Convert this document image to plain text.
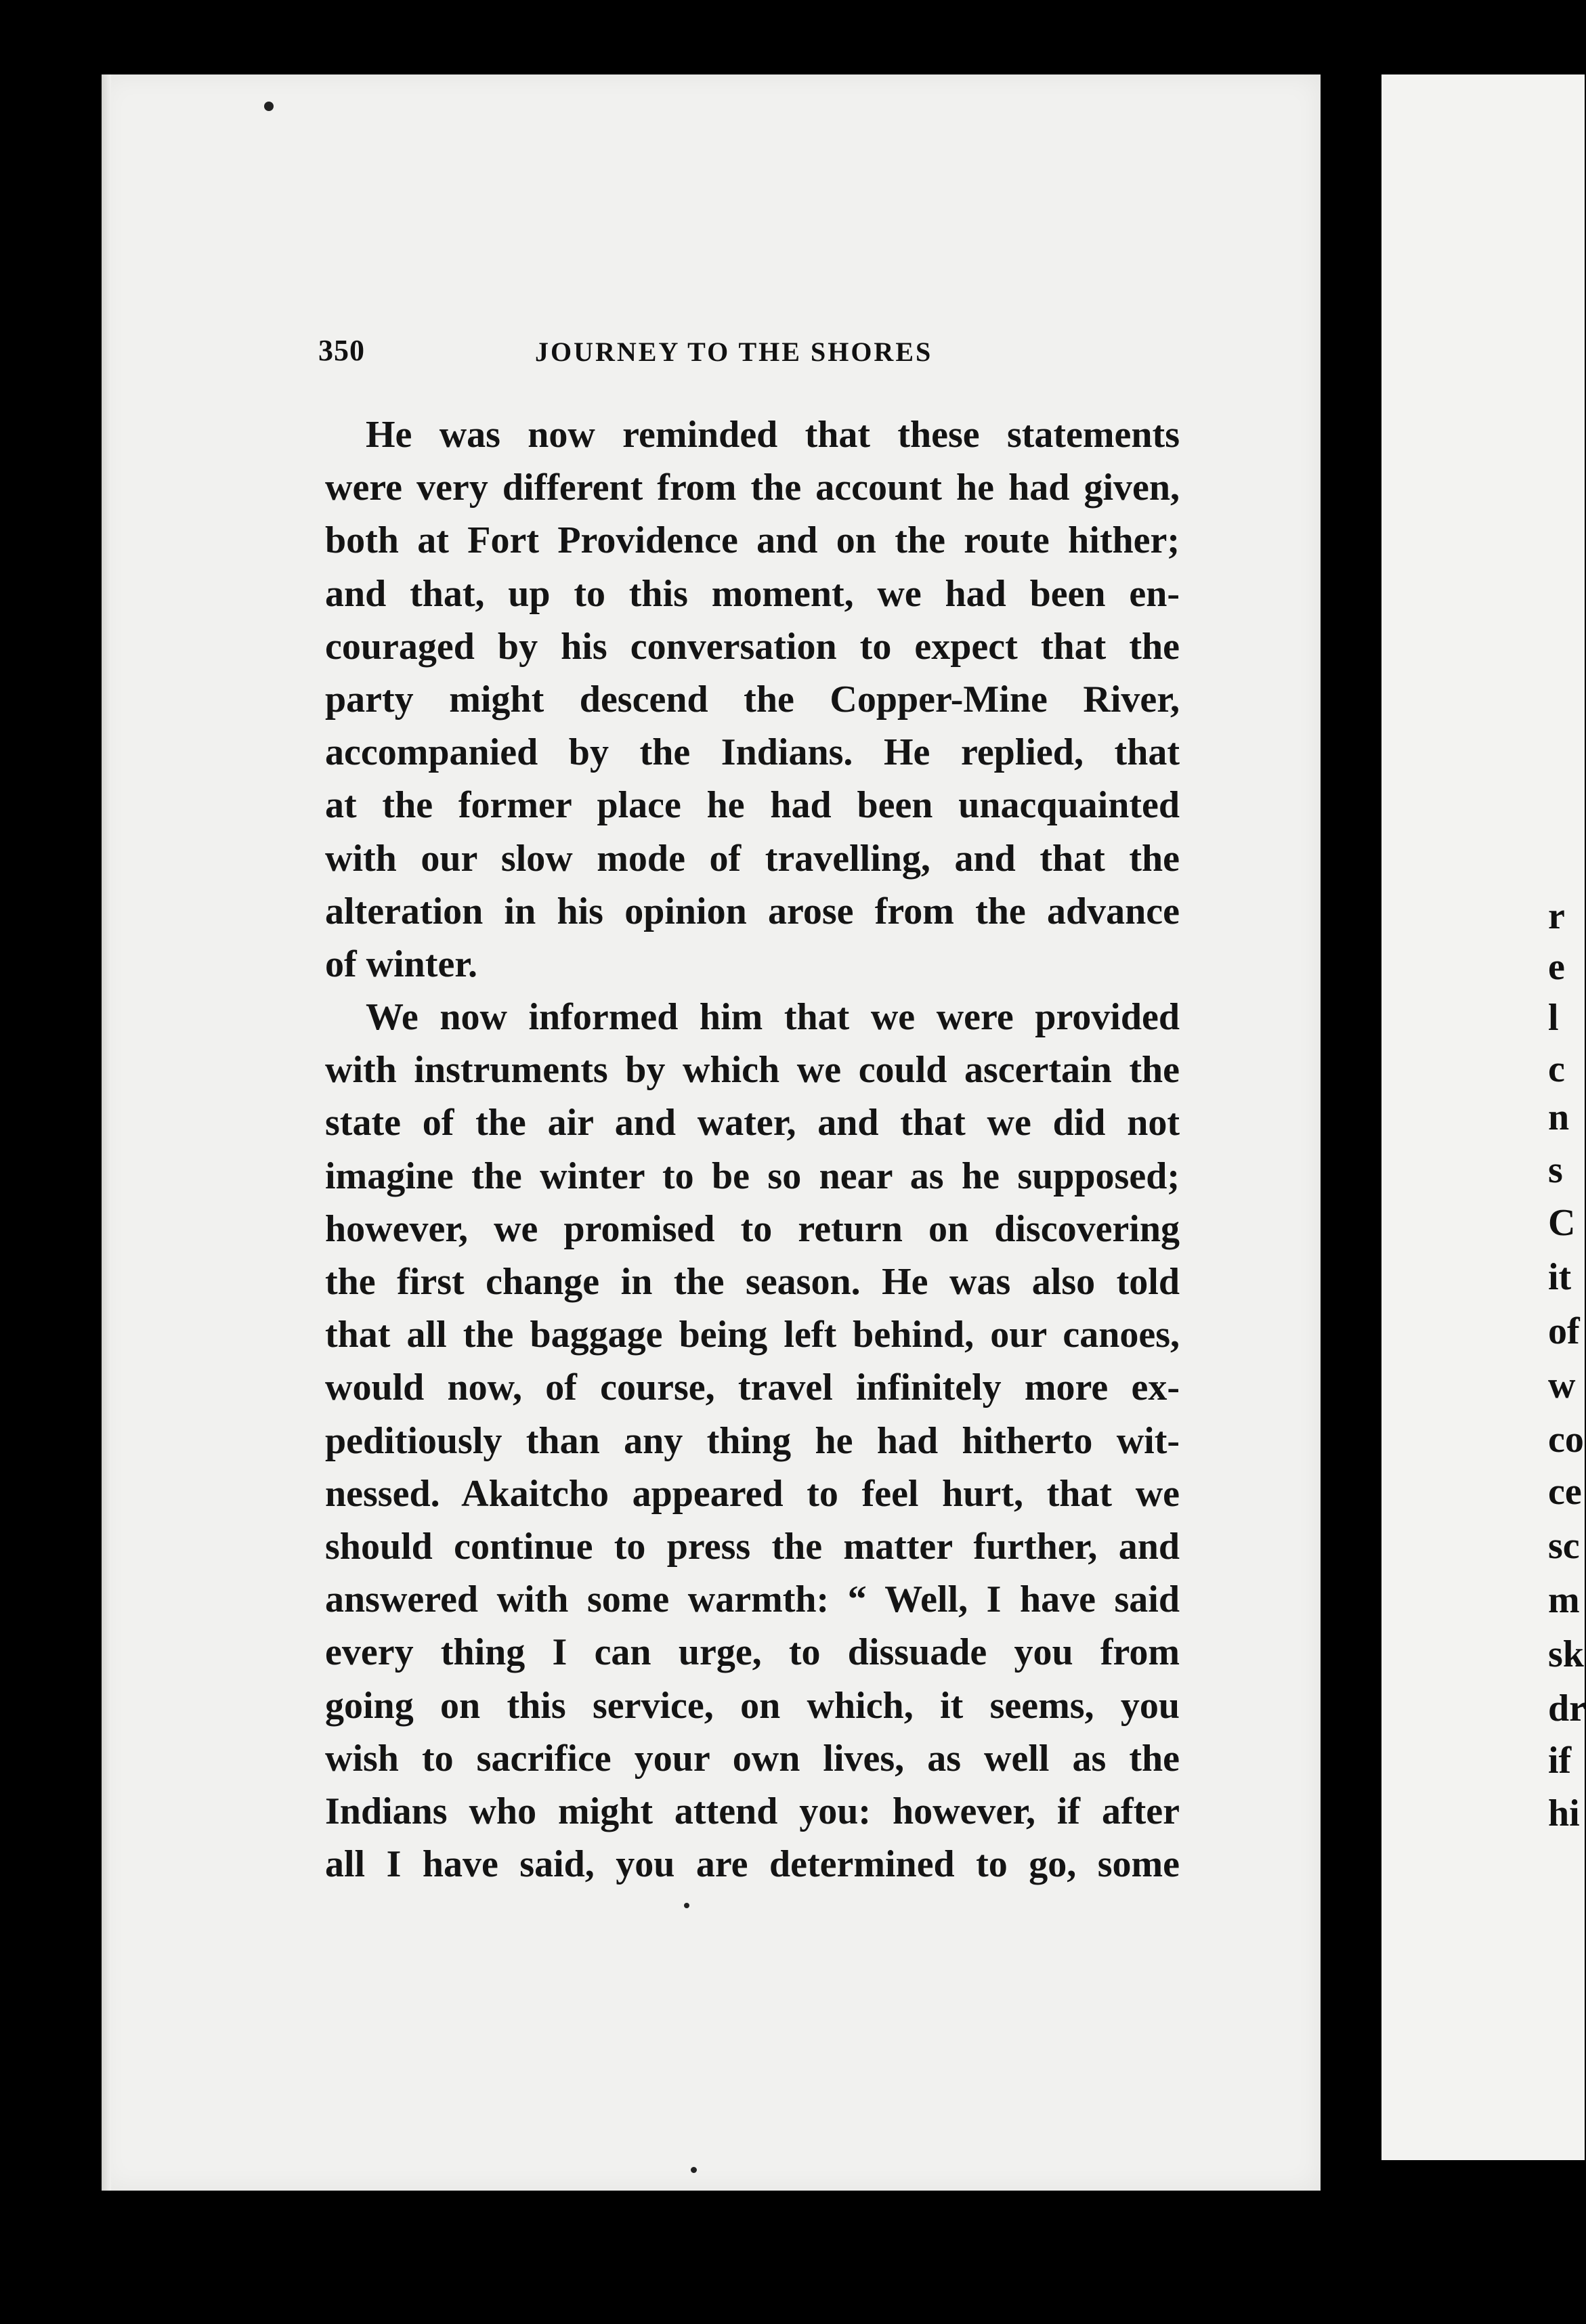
r
e
l
c
n
s
C
it
of
w
co
ce
sc
m
sk
dr
if
hi
350	JOURNEY TO THE SHORES
He was now reminded that these statements
were very different from the account he had given,
both at Fort Providence and on the route hither;
and that, up to this moment, we had been en-
couraged by his conversation to expect that the
party might descend the Copper-Mine River,
accompanied by the Indians. He replied, that
at the former place he had been unacquainted
with our slow mode of travelling, and that the
alteration in his opinion arose from the advance
of winter.
We now informed him that we were provided
with instruments by which we could ascertain the
state of the air and water, and that we did not
imagine the winter to be so near as he supposed;
however, we promised to return on discovering
the first change in the season. He was also told
that all the baggage being left behind, our canoes,
would now, of course, travel infinitely more ex-
peditiously than any thing he had hitherto wit-
nessed. Akaitcho appeared to feel hurt, that we
should continue to press the matter further, and
answered with some warmth: “ Well, I have said
every thing I can urge, to dissuade you from
going on this service, on which, it seems, you
wish to sacrifice your own lives, as well as the
Indians who might attend you: however, if after
all I have said, you are determined to go, some
